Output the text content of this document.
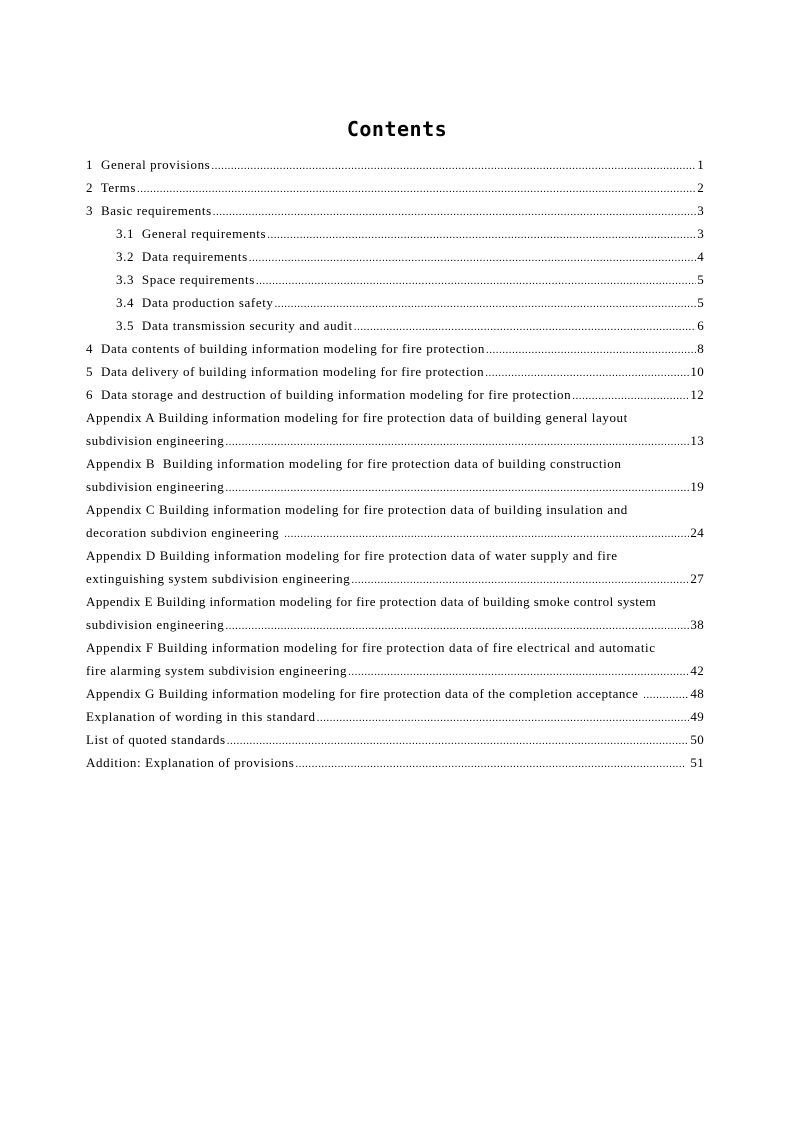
Contents
1 General provisions .....	1
2 Terms .....	2
3 Basic requirements .....	3
3.1 General requirements .....	3
3.2 Data requirements .....	4
3.3 Space requirements .....	5
3.4 Data production safety .....	5
3.5 Data transmission security and audit .....	6
4 Data contents of building information modeling for fire protection .....	8
5 Data delivery of building information modeling for fire protection .....	10
6 Data storage and destruction of building information modeling for fire protection .....	12
Appendix A Building information modeling for fire protection data of building general layout
subdivision engineering .....	13
Appendix B  Building information modeling for fire protection data of building construction
subdivision engineering .....	19
Appendix C Building information modeling for fire protection data of building insulation and
decoration subdivion engineering .....	24
Appendix D Building information modeling for fire protection data of water supply and fire
extinguishing system subdivision engineering .....	27
Appendix E Building information modeling for fire protection data of building smoke control system
subdivision engineering .....	38
Appendix F Building information modeling for fire protection data of fire electrical and automatic
fire alarming system subdivision engineering .....	42
Appendix G Building information modeling for fire protection data of the completion acceptance .....	48
Explanation of wording in this standard .....	49
List of quoted standards .....	50
Addition: Explanation of provisions .....	51
